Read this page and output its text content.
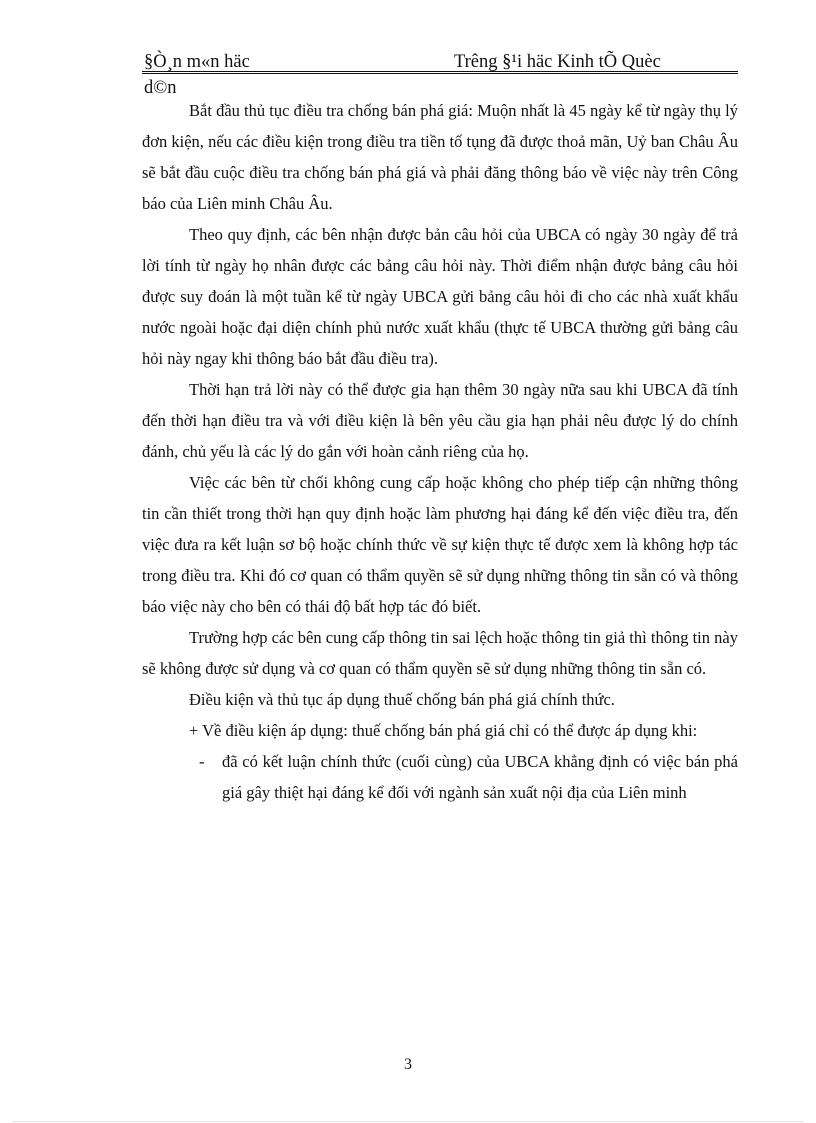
§Ò¸n m«n häc	Trêng §¹i häc Kinh tÕ Quèc
d©n

Bắt đầu thủ tục điều tra chống bán phá giá: Muộn nhất là 45 ngày kể từ ngày thụ lý đơn kiện, nếu các điều kiện trong điều tra tiền tố tụng đã được thoả mãn, Uỷ ban Châu Âu sẽ bắt đầu cuộc điều tra chống bán phá giá và phải đăng thông báo về việc này trên Công báo của Liên minh Châu Âu.

Theo quy định, các bên nhận được bản câu hỏi của UBCA có ngày 30 ngày để trả lời tính từ ngày họ nhân được các bảng câu hỏi này. Thời điểm nhận được bảng câu hỏi được suy đoán là một tuần kể từ ngày UBCA gửi bảng câu hỏi đi cho các nhà xuất khẩu nước ngoài hoặc đại diện chính phủ nước xuất khẩu (thực tế UBCA thường gửi bảng câu hỏi này ngay khi thông báo bắt đầu điều tra).

Thời hạn trả lời này có thể được gia hạn thêm 30 ngày nữa sau khi UBCA đã tính đến thời hạn điều tra và với điều kiện là bên yêu cầu gia hạn phải nêu được lý do chính đánh, chủ yếu là các lý do gắn với hoàn cảnh riêng của họ.

Việc các bên từ chối không cung cấp hoặc không cho phép tiếp cận những thông tin cần thiết trong thời hạn quy định hoặc làm phương hại đáng kể đến việc điều tra, đến việc đưa ra kết luận sơ bộ hoặc chính thức về sự kiện thực tế được xem là không hợp tác trong điều tra. Khi đó cơ quan có thẩm quyền sẽ sử dụng những thông tin sẵn có và thông báo việc này cho bên có thái độ bất hợp tác đó biết.

Trường hợp các bên cung cấp thông tin sai lệch hoặc thông tin giả thì thông tin này sẽ không được sử dụng và cơ quan có thẩm quyền sẽ sử dụng những thông tin sẵn có.

Điều kiện và thủ tục áp dụng thuế chống bán phá giá chính thức.

+ Về điều kiện áp dụng: thuế chống bán phá giá chỉ có thể được áp dụng khi:

- đã có kết luận chính thức (cuối cùng) của UBCA khẳng định có việc bán phá giá gây thiệt hại đáng kể đối với ngành sản xuất nội địa của Liên minh
3
